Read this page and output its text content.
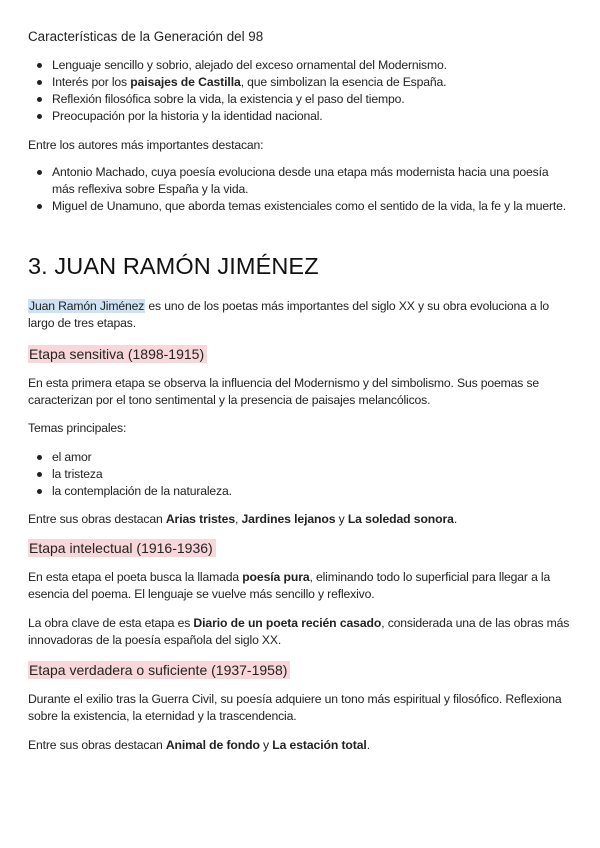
Características de la Generación del 98
Lenguaje sencillo y sobrio, alejado del exceso ornamental del Modernismo.
Interés por los paisajes de Castilla, que simbolizan la esencia de España.
Reflexión filosófica sobre la vida, la existencia y el paso del tiempo.
Preocupación por la historia y la identidad nacional.

Entre los autores más importantes destacan:

Antonio Machado, cuya poesía evoluciona desde una etapa más modernista hacia una poesía más reflexiva sobre España y la vida.
Miguel de Unamuno, que aborda temas existenciales como el sentido de la vida, la fe y la muerte.
3. JUAN RAMÓN JIMÉNEZ

Juan Ramón Jiménez es uno de los poetas más importantes del siglo XX y su obra evoluciona a lo largo de tres etapas.

Etapa sensitiva (1898-1915)

En esta primera etapa se observa la influencia del Modernismo y del simbolismo. Sus poemas se caracterizan por el tono sentimental y la presencia de paisajes melancólicos.

Temas principales:

el amor
la tristeza
la contemplación de la naturaleza.

Entre sus obras destacan Arias tristes, Jardines lejanos y La soledad sonora.

Etapa intelectual (1916-1936)

En esta etapa el poeta busca la llamada poesía pura, eliminando todo lo superficial para llegar a la esencia del poema. El lenguaje se vuelve más sencillo y reflexivo.

La obra clave de esta etapa es Diario de un poeta recién casado, considerada una de las obras más innovadoras de la poesía española del siglo XX.

Etapa verdadera o suficiente (1937-1958)

Durante el exilio tras la Guerra Civil, su poesía adquiere un tono más espiritual y filosófico. Reflexiona sobre la existencia, la eternidad y la trascendencia.

Entre sus obras destacan Animal de fondo y La estación total.
